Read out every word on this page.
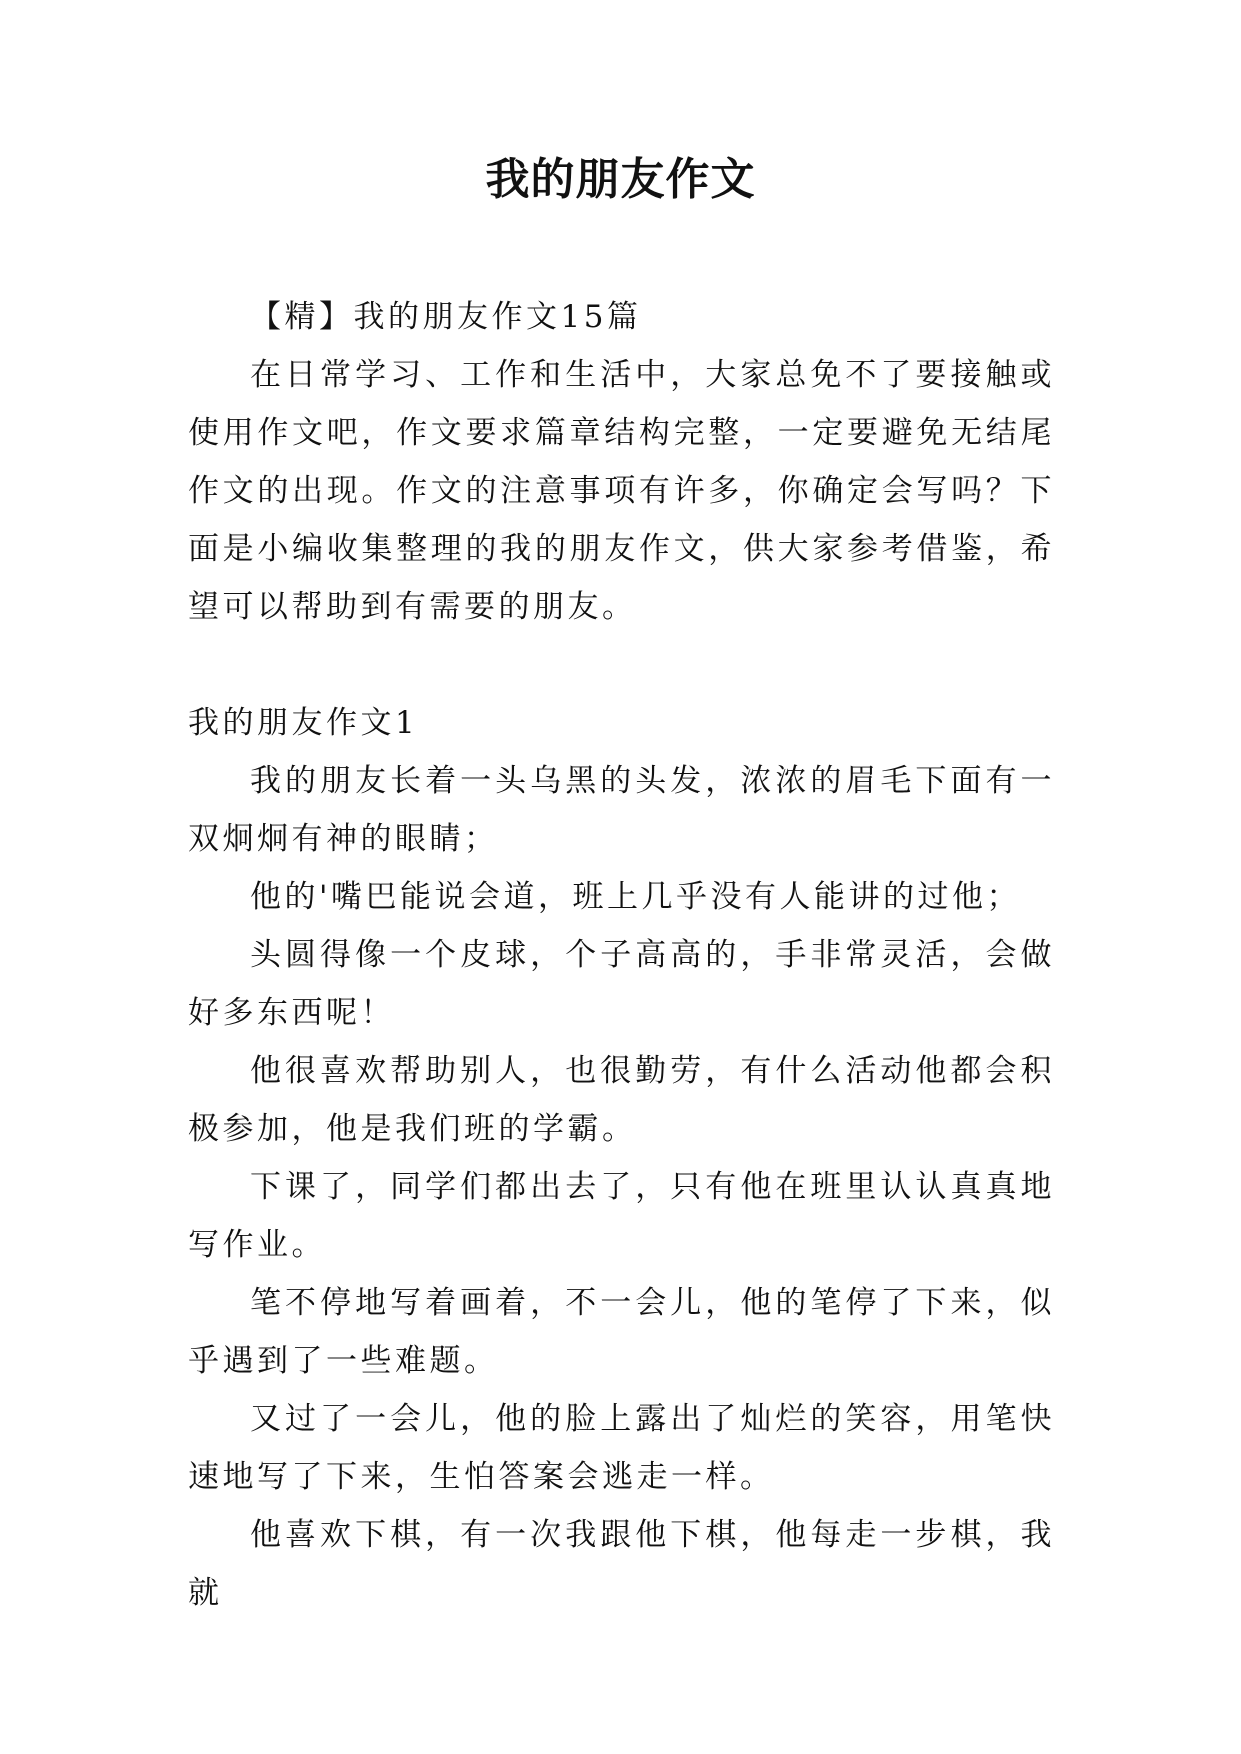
我的朋友作文

【精】我的朋友作文15篇

在日常学习、工作和生活中，大家总免不了要接触或使用作文吧，作文要求篇章结构完整，一定要避免无结尾作文的出现。作文的注意事项有许多，你确定会写吗？下面是小编收集整理的我的朋友作文，供大家参考借鉴，希望可以帮助到有需要的朋友。

我的朋友作文1

我的朋友长着一头乌黑的头发，浓浓的眉毛下面有一双炯炯有神的眼睛；

他的'嘴巴能说会道，班上几乎没有人能讲的过他；

头圆得像一个皮球，个子高高的，手非常灵活，会做好多东西呢！

他很喜欢帮助别人，也很勤劳，有什么活动他都会积极参加，他是我们班的学霸。

下课了，同学们都出去了，只有他在班里认认真真地写作业。

笔不停地写着画着，不一会儿，他的笔停了下来，似乎遇到了一些难题。

又过了一会儿，他的脸上露出了灿烂的笑容，用笔快速地写了下来，生怕答案会逃走一样。

他喜欢下棋，有一次我跟他下棋，他每走一步棋，我就
